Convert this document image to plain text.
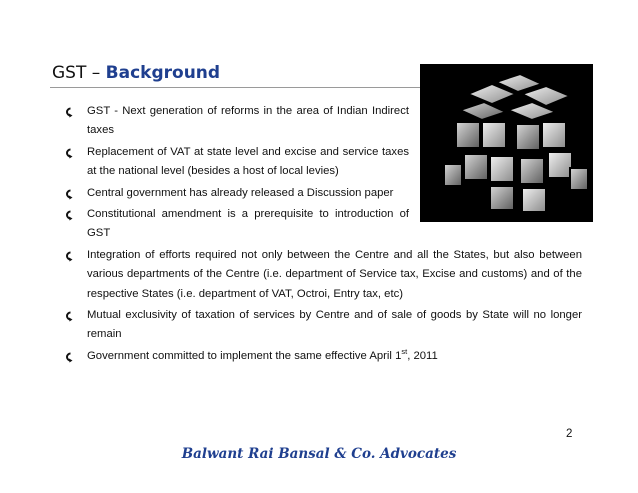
GST – Background
GST - Next generation of reforms in the area of Indian Indirect taxes
Replacement of VAT at state level and excise and service taxes at the national level (besides a host of local levies)
Central government has already released a Discussion paper
Constitutional amendment is a prerequisite to introduction of GST
Integration of efforts required not only between the Centre and all the States, but also between various departments of the Centre (i.e. department of Service tax, Excise and customs) and of the respective States (i.e. department of VAT, Octroi, Entry tax, etc)
Mutual exclusivity of taxation of services by Centre and of sale of goods by State will no longer remain
Government committed to implement the same effective April 1st, 2011
2
Balwant Rai Bansal & Co. Advocates
